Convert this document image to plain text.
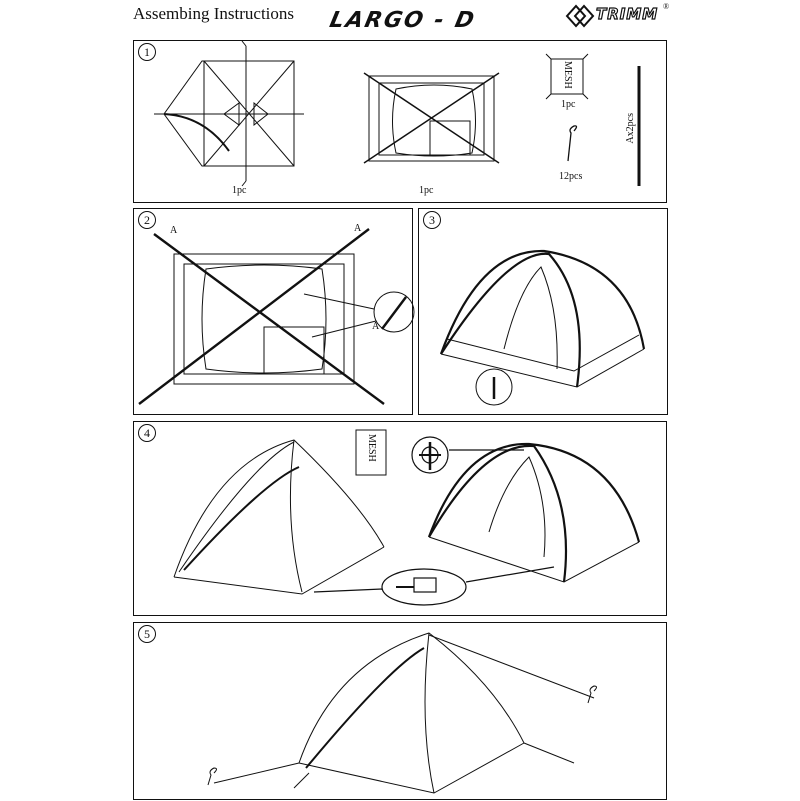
Assembing Instructions LARGO - D	TRIMM ®
1
1pc	1pc
MESH
1pc
12pcs
Ax2pcs
2
A	A
A
3
4
MESH
5
